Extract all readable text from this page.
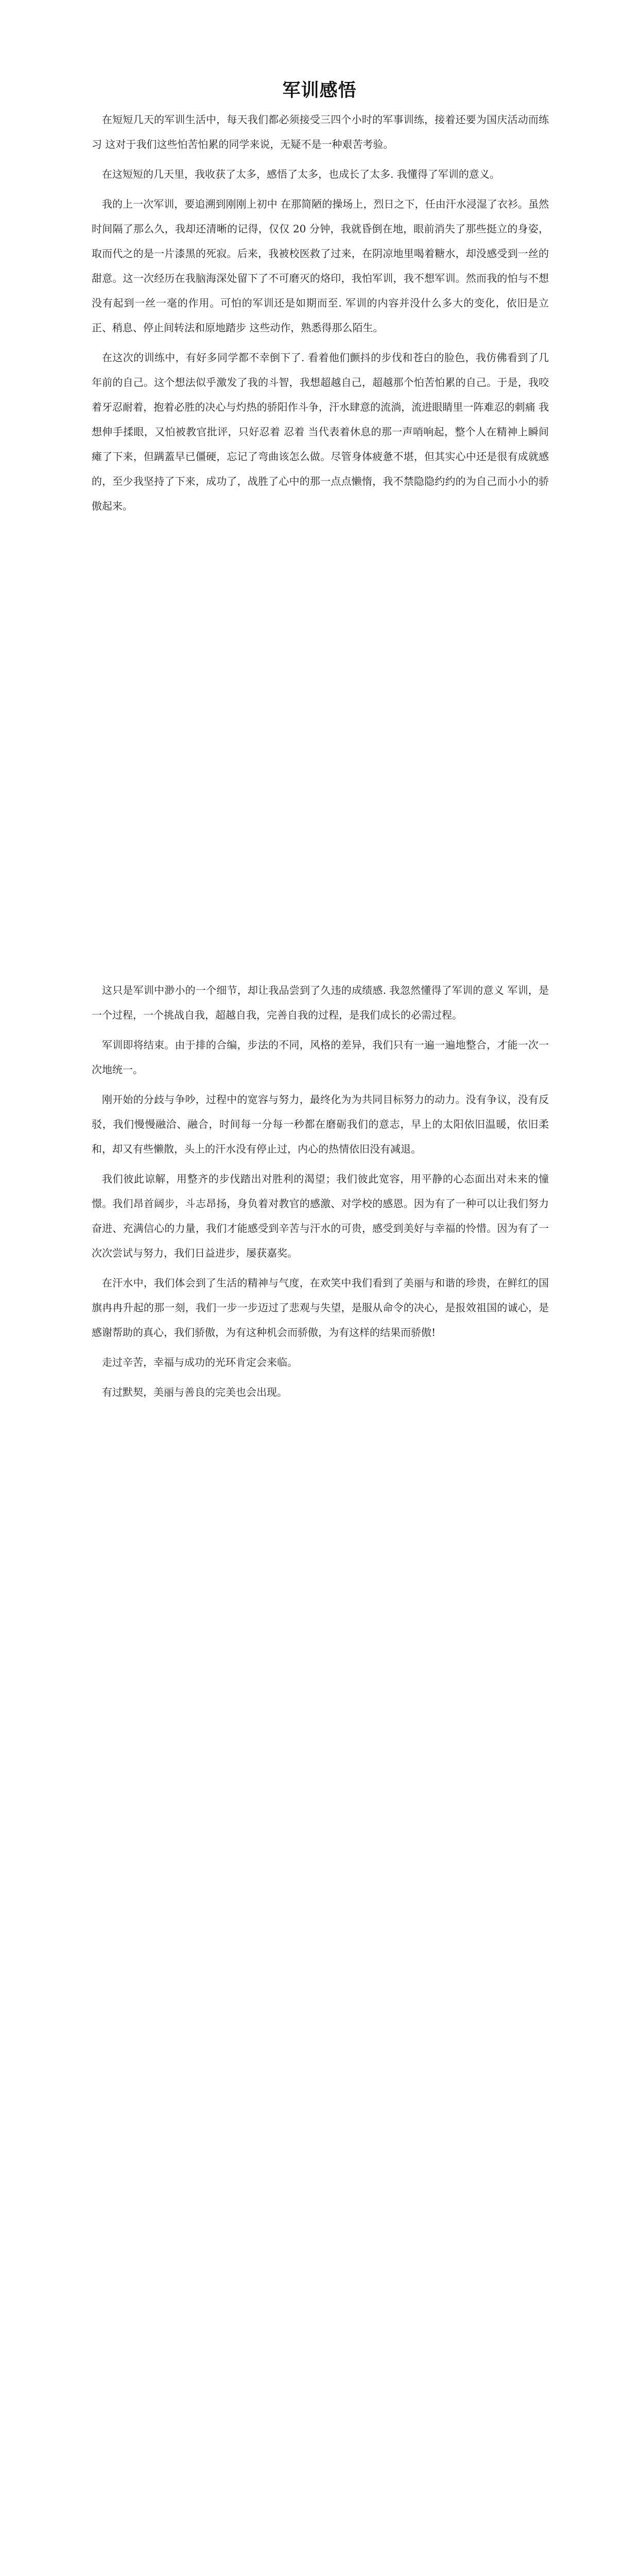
军训感悟

在短短几天的军训生活中，每天我们都必须接受三四个小时的军事训练，接着还要为国庆活动而练习 这对于我们这些怕苦怕累的同学来说，无疑不是一种艰苦考验。

在这短短的几天里，我收获了太多，感悟了太多，也成长了太多. 我懂得了军训的意义。

我的上一次军训，要追溯到刚刚上初中 在那简陋的操场上，烈日之下，任由汗水浸湿了衣衫。虽然时间隔了那么久，我却还清晰的记得，仅仅 20 分钟，我就昏倒在地，眼前消失了那些挺立的身姿，取而代之的是一片漆黑的死寂。后来，我被校医救了过来，在阴凉地里喝着糖水，却没感受到一丝的甜意。这一次经历在我脑海深处留下了不可磨灭的烙印，我怕军训，我不想军训。然而我的怕与不想没有起到一丝一毫的作用。可怕的军训还是如期而至. 军训的内容并没什么多大的变化，依旧是立正、稍息、停止间转法和原地踏步 这些动作，熟悉得那么陌生。

在这次的训练中，有好多同学都不幸倒下了. 看着他们颤抖的步伐和苍白的脸色，我仿佛看到了几年前的自己。这个想法似乎激发了我的斗智，我想超越自己，超越那个怕苦怕累的自己。于是，我咬着牙忍耐着，抱着必胜的决心与灼热的骄阳作斗争，汗水肆意的流淌，流进眼睛里一阵难忍的刺痛 我想伸手揉眼，又怕被教官批评，只好忍着 忍着 当代表着休息的那一声哨响起，整个人在精神上瞬间瘫了下来，但蹒蓋早已僵硬，忘记了弯曲该怎么做。尽管身体疲惫不堪，但其实心中还是很有成就感的，至少我坚持了下来，成功了，战胜了心中的那一点点懒惰，我不禁隐隐约约的为自己而小小的骄傲起来。

这只是军训中渺小的一个细节，却让我品尝到了久违的成绩感. 我忽然懂得了军训的意义 军训，是一个过程，一个挑战自我，超越自我，完善自我的过程，是我们成长的必需过程。

军训即将结束。由于排的合编，步法的不同，风格的差异，我们只有一遍一遍地整合，才能一次一次地统一。

刚开始的分歧与争吵，过程中的宽容与努力，最终化为为共同目标努力的动力。没有争议，没有反驳，我们慢慢融洽、融合，时间每一分每一秒都在磨砺我们的意志，早上的太阳依旧温暖，依旧柔和，却又有些懒散，头上的汗水没有停止过，内心的热情依旧没有减退。

我们彼此谅解，用整齐的步伐踏出对胜利的渴望；我们彼此宽容，用平静的心态面出对未来的憧憬。我们昂首阔步，斗志昂扬，身负着对教官的感激、对学校的感恩。因为有了一种可以让我们努力奋进、充满信心的力量，我们才能感受到辛苦与汗水的可贵，感受到美好与幸福的怜惜。因为有了一次次尝试与努力，我们日益进步，屡获嘉奖。

在汗水中，我们体会到了生活的精神与气度，在欢笑中我们看到了美丽与和谐的珍贵，在鲜红的国旗冉冉升起的那一刻，我们一步一步迈过了悲观与失望，是服从命令的决心，是报效祖国的诚心，是感谢帮助的真心，我们骄傲，为有这种机会而骄傲，为有这样的结果而骄傲!

走过辛苦，幸福与成功的光环肯定会来临。

有过默契，美丽与善良的完美也会出现。
